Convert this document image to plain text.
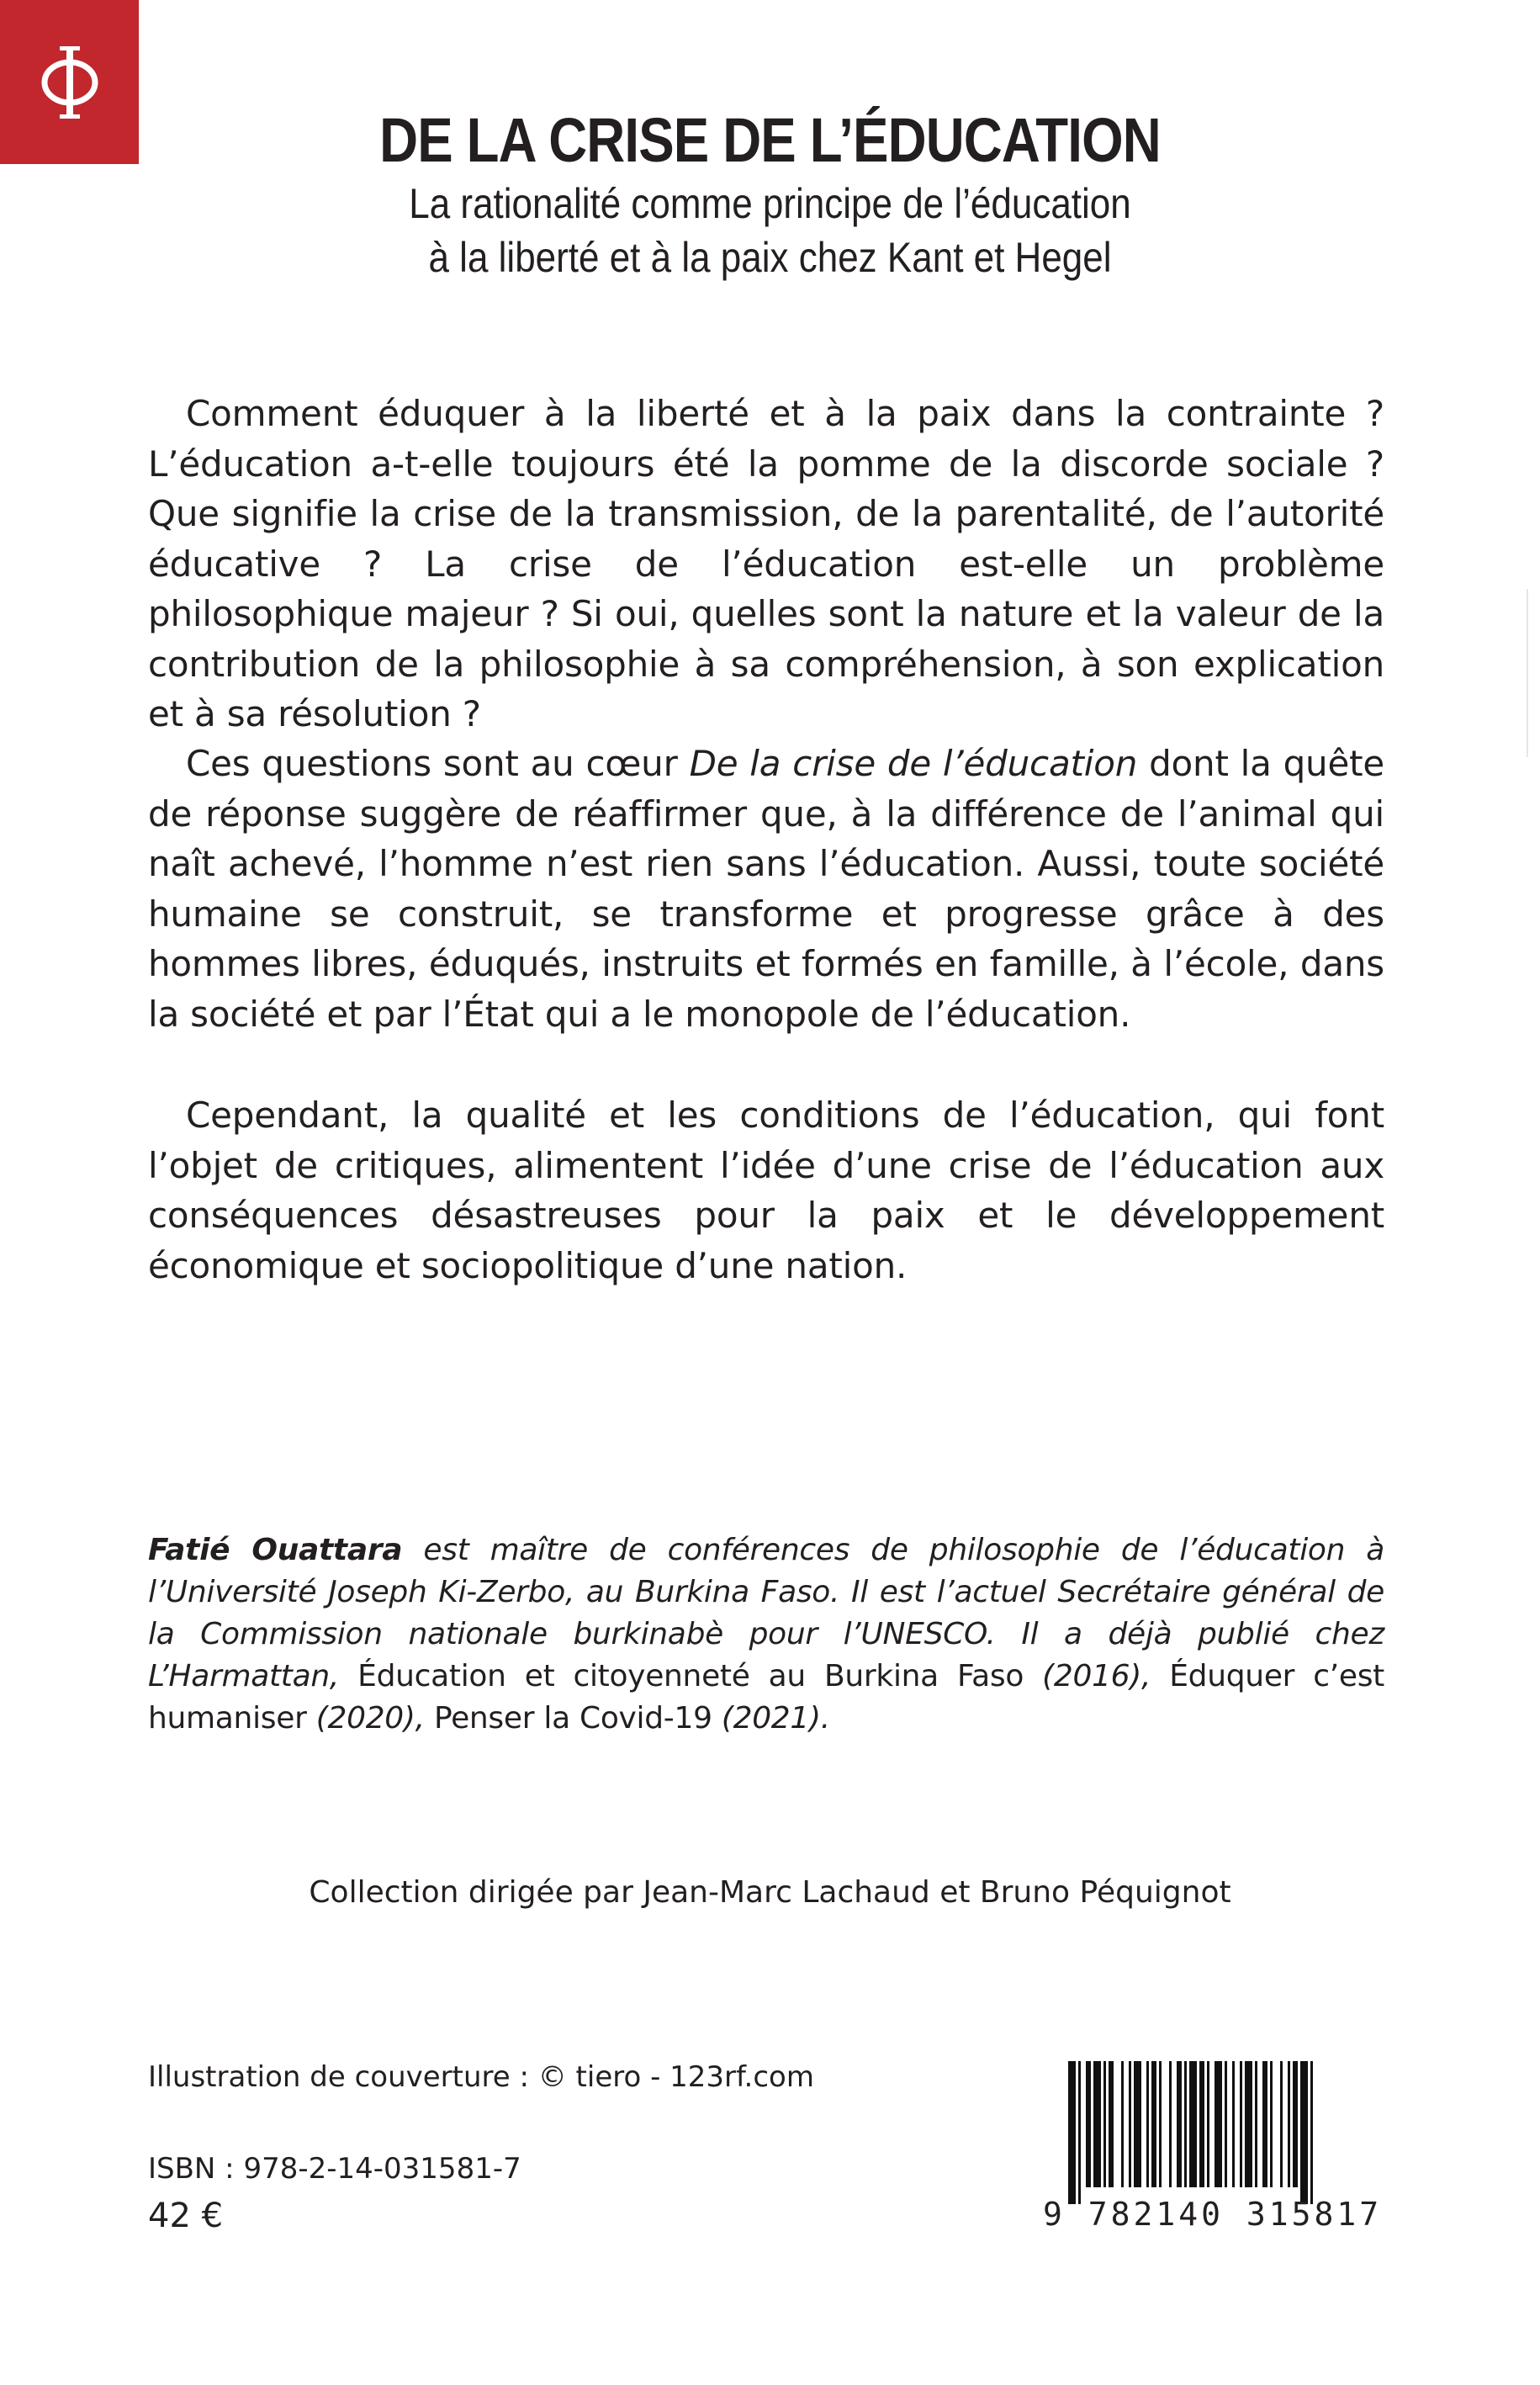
DE LA CRISE DE L’ÉDUCATION

La rationalité comme principe de l’éducation

à la liberté et à la paix chez Kant et Hegel

Comment éduquer à la liberté et à la paix dans la contrainte ? L’éducation a-t-elle toujours été la pomme de la discorde sociale ? Que signifie la crise de la transmission, de la parentalité, de l’autorité éducative ? La crise de l’éducation est-elle un problème philosophique majeur ? Si oui, quelles sont la nature et la valeur de la contribution de la philosophie à sa compréhension, à son explication et à sa résolution ?

Ces questions sont au cœur De la crise de l’éducation dont la quête de réponse suggère de réaffirmer que, à la différence de l’animal qui naît achevé, l’homme n’est rien sans l’éducation. Aussi, toute société humaine se construit, se transforme et progresse grâce à des hommes libres, éduqués, instruits et formés en famille, à l’école, dans la société et par l’État qui a le monopole de l’éducation.

Cependant, la qualité et les conditions de l’éducation, qui font l’objet de critiques, alimentent l’idée d’une crise de l’éducation aux conséquences désastreuses pour la paix et le développement économique et sociopolitique d’une nation.

Fatié Ouattara est maître de conférences de philosophie de l’éducation à l’Université Joseph Ki-Zerbo, au Burkina Faso. Il est l’actuel Secrétaire général de la Commission nationale burkinabè pour l’UNESCO. Il a déjà publié chez L’Harmattan, Éducation et citoyenneté au Burkina Faso (2016), Éduquer c’est humaniser (2020), Penser la Covid-19 (2021).

Collection dirigée par Jean-Marc Lachaud et Bruno Péquignot

Illustration de couverture : © tiero - 123rf.com

ISBN : 978-2-14-031581-7

42 €	9 782140 315817
